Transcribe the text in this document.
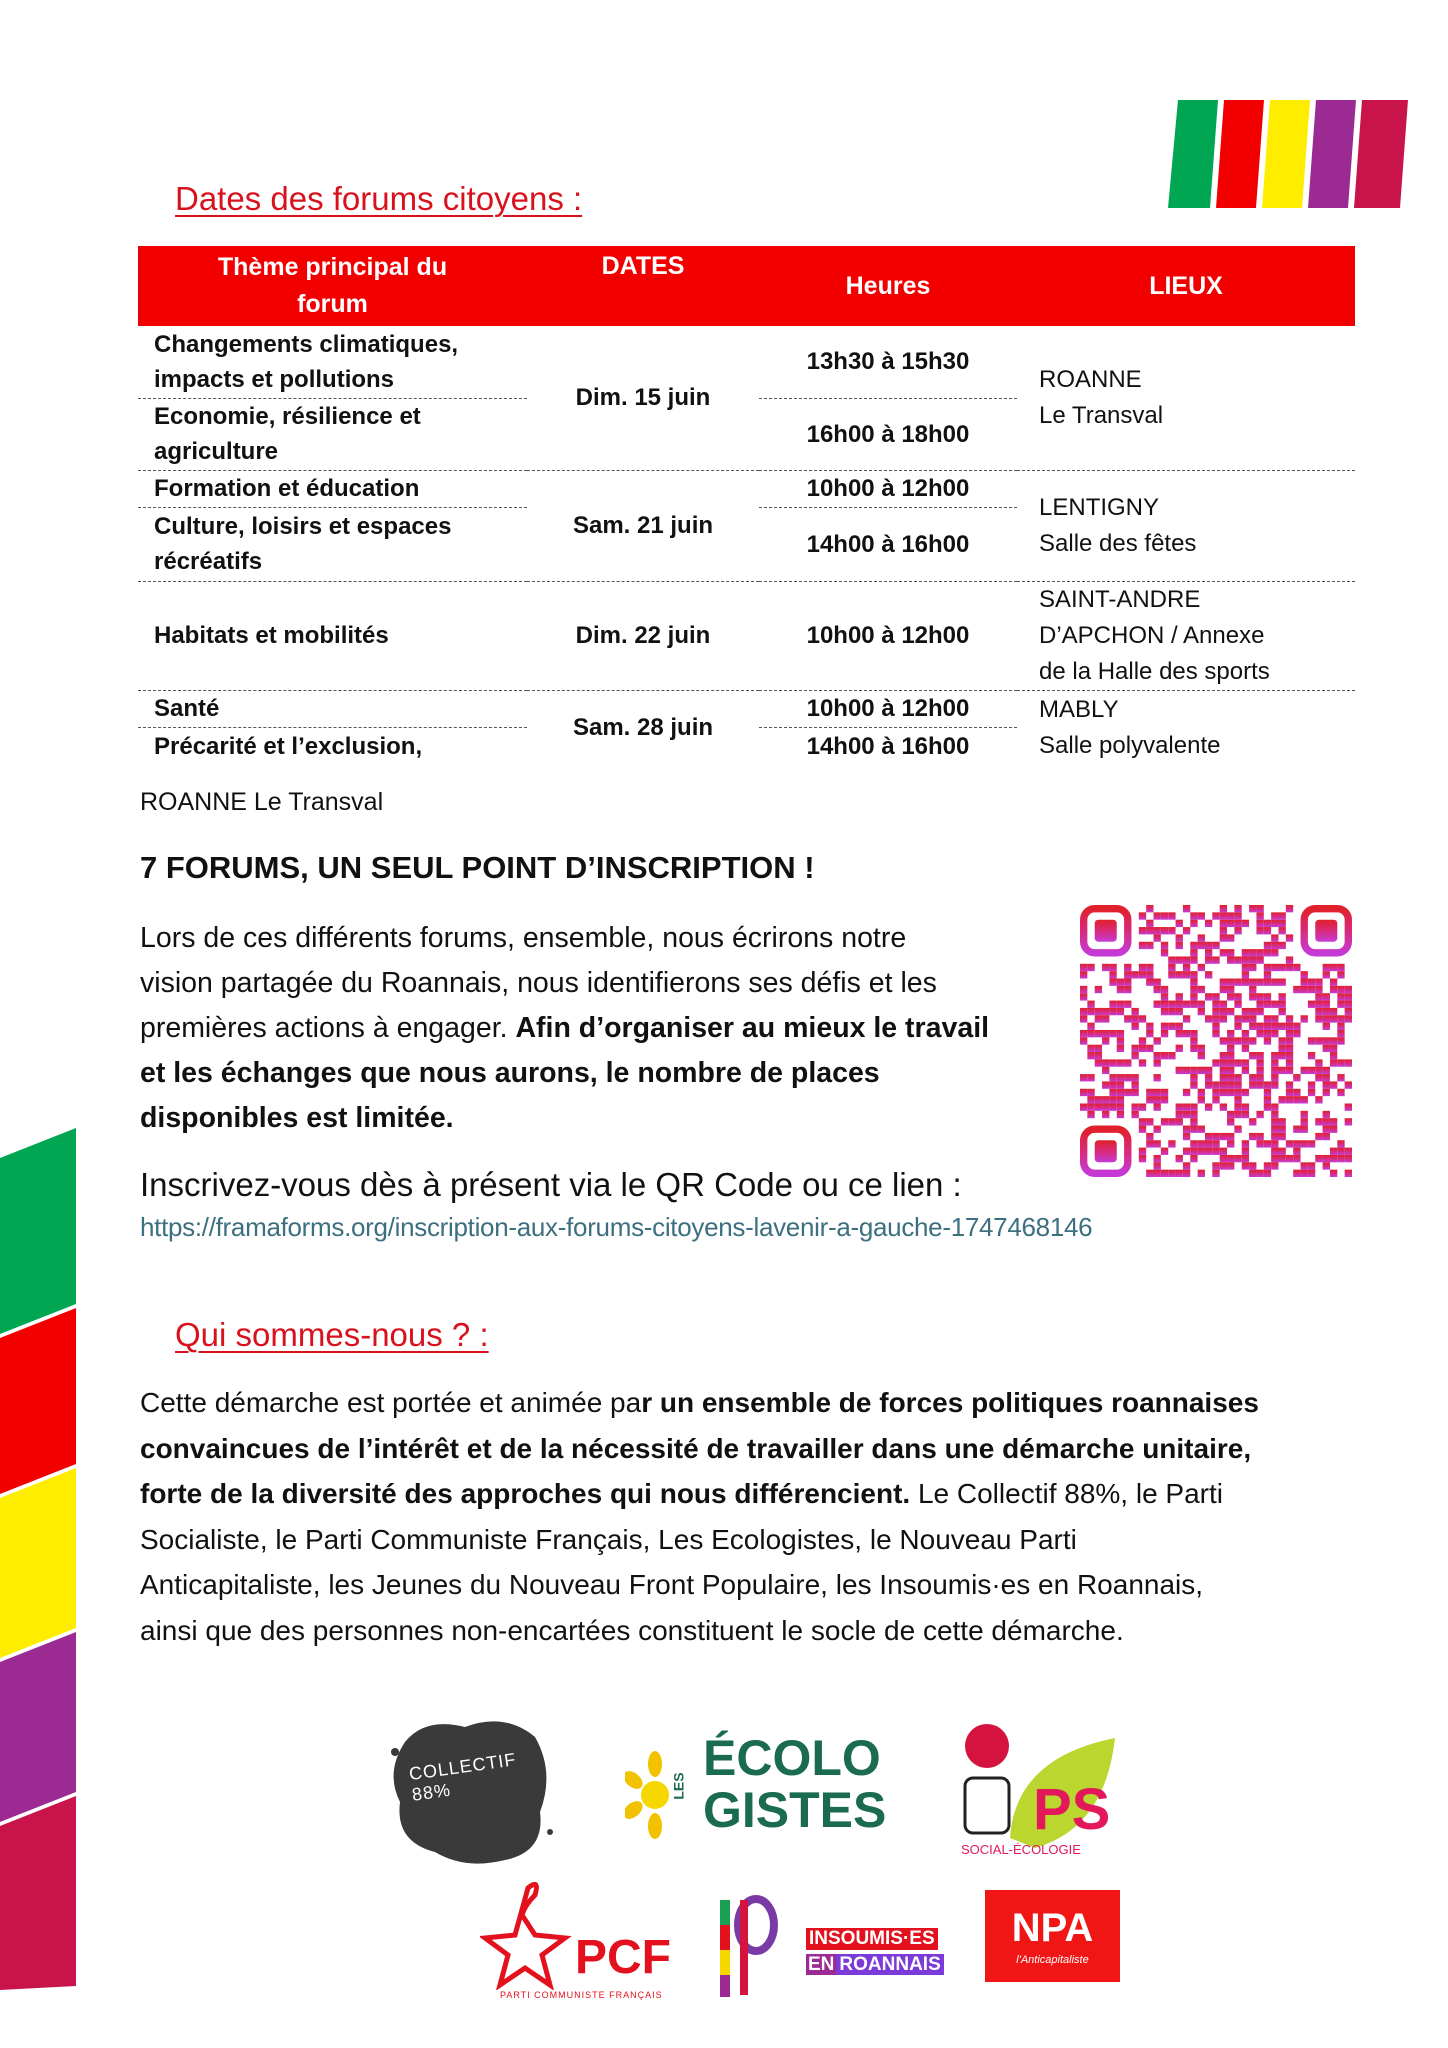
Dates des forums citoyens :
Thème principal du forum	DATES	Heures	LIEUX
Changements climatiques, impacts et pollutions	Dim. 15 juin	13h30 à 15h30	ROANNE
Le Transval

Economie, résilience et agriculture		16h00 à 18h00	
Formation et éducation	Sam. 21 juin	10h00 à 12h00	LENTIGNY
Salle des fêtes

Culture, loisirs et espaces récréatifs		14h00 à 16h00	
Habitats et mobilités	Dim. 22 juin	10h00 à 12h00	SAINT-ANDRE
D’APCHON / Annexe
de la Halle des sports

Santé	Sam. 28 juin	10h00 à 12h00	MABLY
Salle polyvalente

Précarité et l’exclusion,		14h00 à 16h00	
ROANNE Le Transval
7 FORUMS, UN SEUL POINT D’INSCRIPTION !
Lors de ces différents forums, ensemble, nous écrirons notre
vision partagée du Roannais, nous identifierons ses défis et les
premières actions à engager. Afin d’organiser au mieux le travail
et les échanges que nous aurons, le nombre de places
disponibles est limitée.
Inscrivez-vous dès à présent via le QR Code ou ce lien :
https://framaforms.org/inscription-aux-forums-citoyens-lavenir-a-gauche-1747468146
Qui sommes-nous ? :
Cette démarche est portée et animée par un ensemble de forces politiques roannaises
convaincues de l’intérêt et de la nécessité de travailler dans une démarche unitaire,
forte de la diversité des approches qui nous différencient. Le Collectif 88%, le Parti
Socialiste, le Parti Communiste Français, Les Ecologistes, le Nouveau Parti
Anticapitaliste, les Jeunes du Nouveau Front Populaire, les Insoumis·es en Roannais,
ainsi que des personnes non-encartées constituent le socle de cette démarche.
COLLECTIF 88%	LES ÉCOLO
GISTES	PS
SOCIAL-ÉCOLOGIE
PCF
PARTI COMMUNISTE FRANÇAIS
INSOUMIS·ES
EN ROANNAIS
NPA
l'Anticapitaliste
